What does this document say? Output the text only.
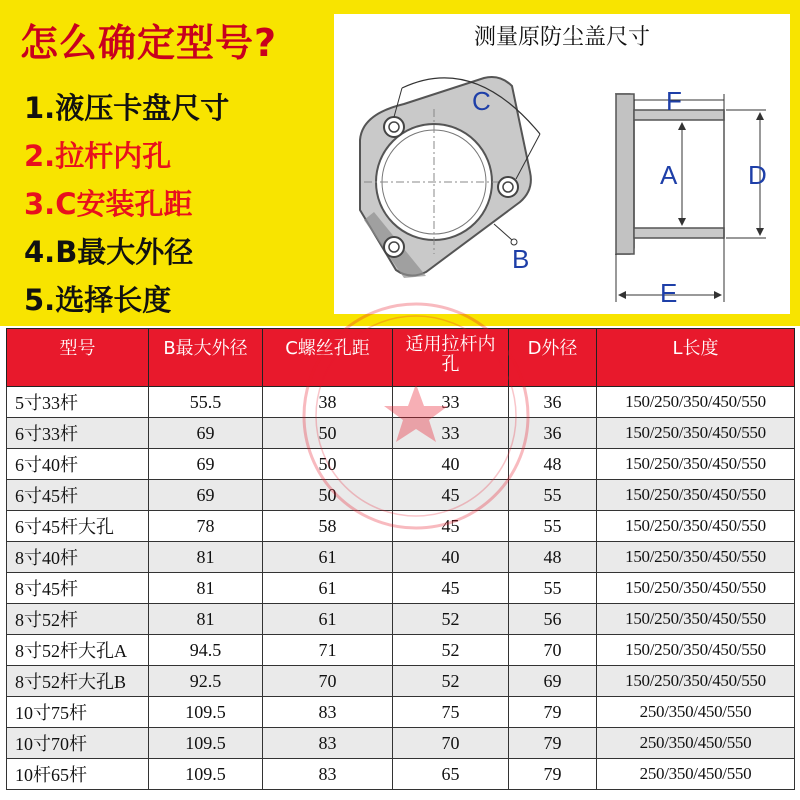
怎么确定型号?
1.液压卡盘尺寸
2.拉杆内孔
3.C安装孔距
4.B最大外径
5.选择长度
C
B
F
A	D
E
测量原防尘盖尺寸
型号	B最大外径	C螺丝孔距	适用拉杆内孔	D外径	L长度
5寸33杆	55.5	38	33	36	150/250/350/450/550
6寸33杆	69	50	33	36	150/250/350/450/550
6寸40杆	69	50	40	48	150/250/350/450/550
6寸45杆	69	50	45	55	150/250/350/450/550
6寸45杆大孔	78	58	45	55	150/250/350/450/550
8寸40杆	81	61	40	48	150/250/350/450/550
8寸45杆	81	61	45	55	150/250/350/450/550
8寸52杆	81	61	52	56	150/250/350/450/550
8寸52杆大孔A	94.5	71	52	70	150/250/350/450/550
8寸52杆大孔B	92.5	70	52	69	150/250/350/450/550
10寸75杆	109.5	83	75	79	250/350/450/550
10寸70杆	109.5	83	70	79	250/350/450/550
10杆65杆	109.5	83	65	79	250/350/450/550
